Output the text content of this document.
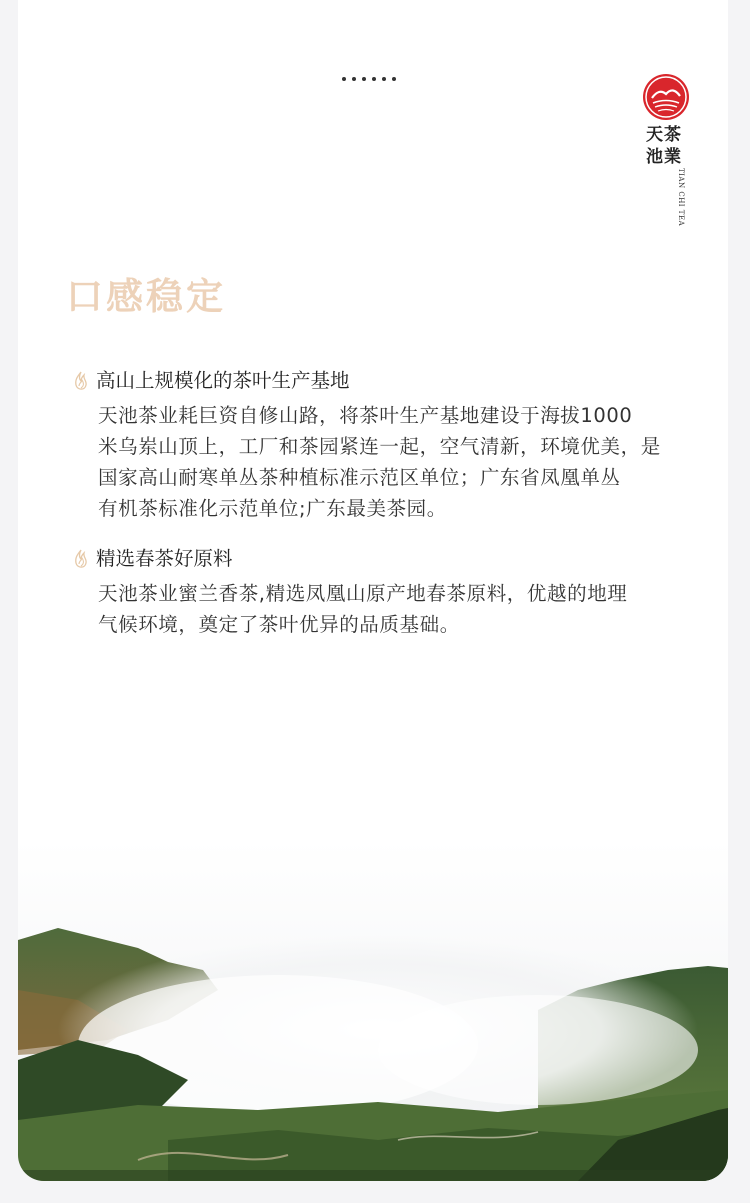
天茶
池業
TIAN CHI TEA
口感稳定
高山上规模化的茶叶生产基地
天池茶业耗巨资自修山路，将茶叶生产基地建设于海拔1000
米乌岽山顶上，工厂和茶园紧连一起，空气清新，环境优美，是
国家高山耐寒单丛茶种植标准示范区单位；广东省凤凰单丛
有机茶标准化示范单位;广东最美茶园。
精选春茶好原料
天池茶业蜜兰香茶,精选凤凰山原产地春茶原料，优越的地理
气候环境，奠定了茶叶优异的品质基础。
